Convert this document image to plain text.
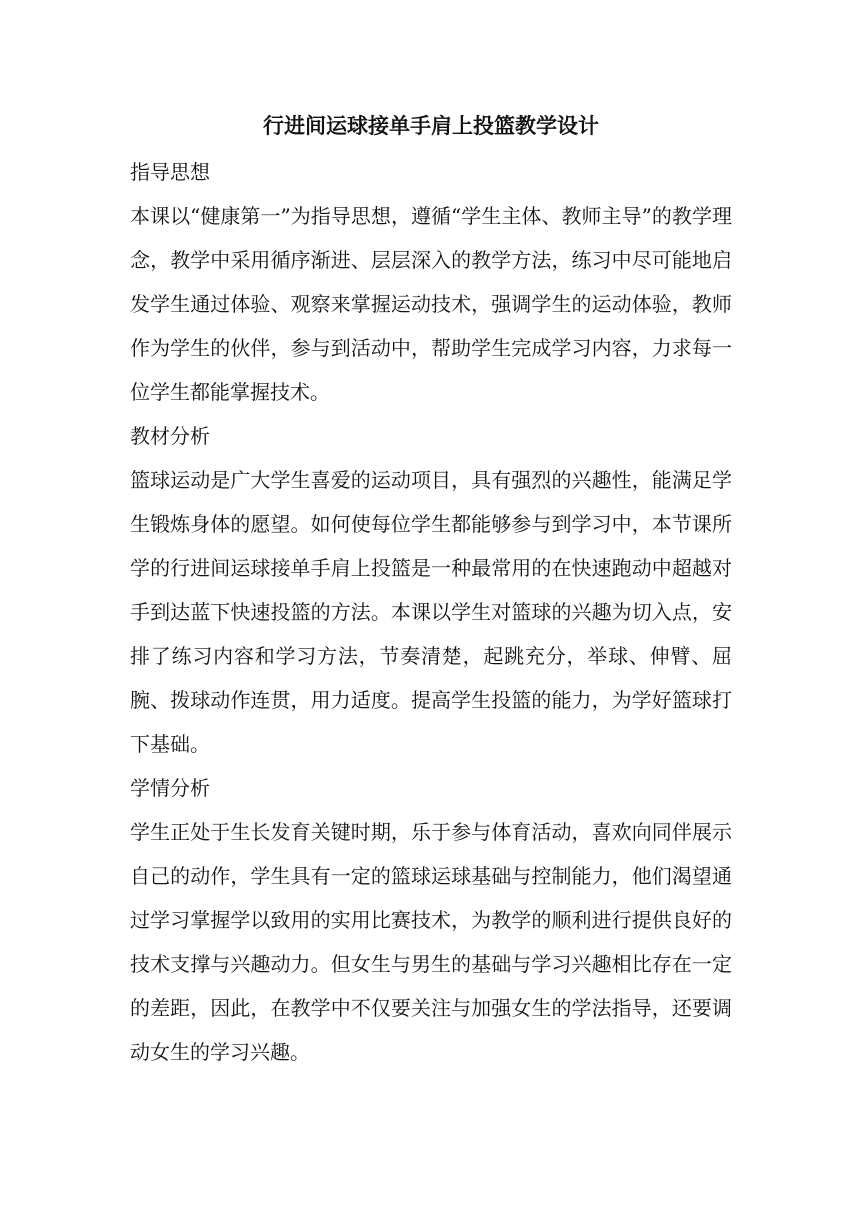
行进间运球接单手肩上投篮教学设计
指导思想

本课以“健康第一”为指导思想，遵循“学生主体、教师主导”的教学理念，教学中采用循序渐进、层层深入的教学方法，练习中尽可能地启发学生通过体验、观察来掌握运动技术，强调学生的运动体验，教师作为学生的伙伴，参与到活动中，帮助学生完成学习内容，力求每一位学生都能掌握技术。

教材分析

篮球运动是广大学生喜爱的运动项目，具有强烈的兴趣性，能满足学生锻炼身体的愿望。如何使每位学生都能够参与到学习中，本节课所学的行进间运球接单手肩上投篮是一种最常用的在快速跑动中超越对手到达蓝下快速投篮的方法。本课以学生对篮球的兴趣为切入点，安排了练习内容和学习方法，节奏清楚，起跳充分，举球、伸臂、屈腕、拨球动作连贯，用力适度。提高学生投篮的能力，为学好篮球打下基础。

学情分析

学生正处于生长发育关键时期，乐于参与体育活动，喜欢向同伴展示自己的动作，学生具有一定的篮球运球基础与控制能力，他们渴望通过学习掌握学以致用的实用比赛技术，为教学的顺利进行提供良好的技术支撑与兴趣动力。但女生与男生的基础与学习兴趣相比存在一定的差距，因此，在教学中不仅要关注与加强女生的学法指导，还要调动女生的学习兴趣。
